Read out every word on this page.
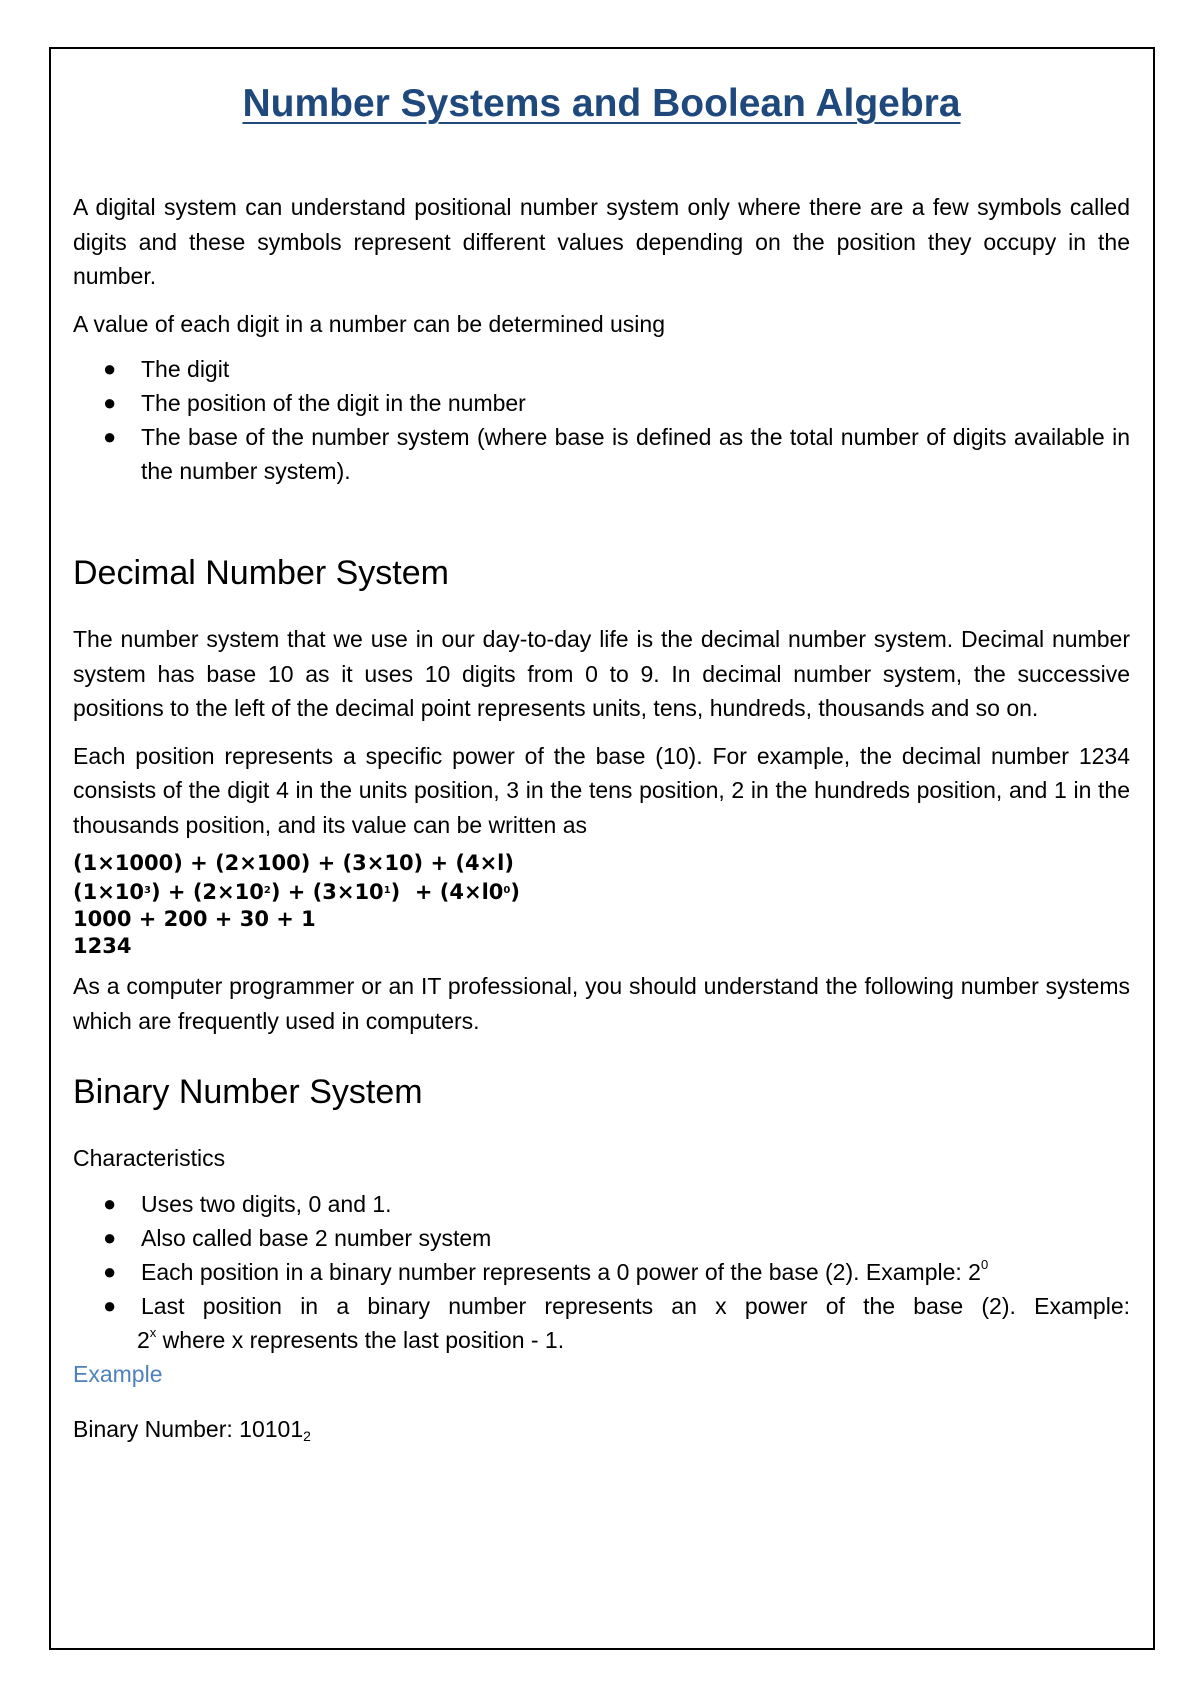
Number Systems and Boolean Algebra

A digital system can understand positional number system only where there are a few symbols called digits and these symbols represent different values depending on the position they occupy in the number.

A value of each digit in a number can be determined using

● The digit
● The position of the digit in the number
● The base of the number system (where base is defined as the total number of digits available in the number system).
Decimal Number System

The number system that we use in our day-to-day life is the decimal number system. Decimal number system has base 10 as it uses 10 digits from 0 to 9. In decimal number system, the successive positions to the left of the decimal point represents units, tens, hundreds, thousands and so on.

Each position represents a specific power of the base (10). For example, the decimal number 1234 consists of the digit 4 in the units position, 3 in the tens position, 2 in the hundreds position, and 1 in the thousands position, and its value can be written as

(1×1000) + (2×100) + (3×10) + (4×l)
$(1\times 10^3) + (2\times 10^2) + (3\times 10^1) + (4\times l0^0)$
1000 + 200 + 30 + 1
1234

As a computer programmer or an IT professional, you should understand the following number systems which are frequently used in computers.

Binary Number System

Characteristics

● Uses two digits, 0 and 1.
● Also called base 2 number system
● Each position in a binary number represents a 0 power of the base (2). Example: $2^0$
● Last position in a binary number represents an x power of the base (2). Example:
2$^x$ where x represents the last position - 1.

Example

Binary Number: $10101_2$
